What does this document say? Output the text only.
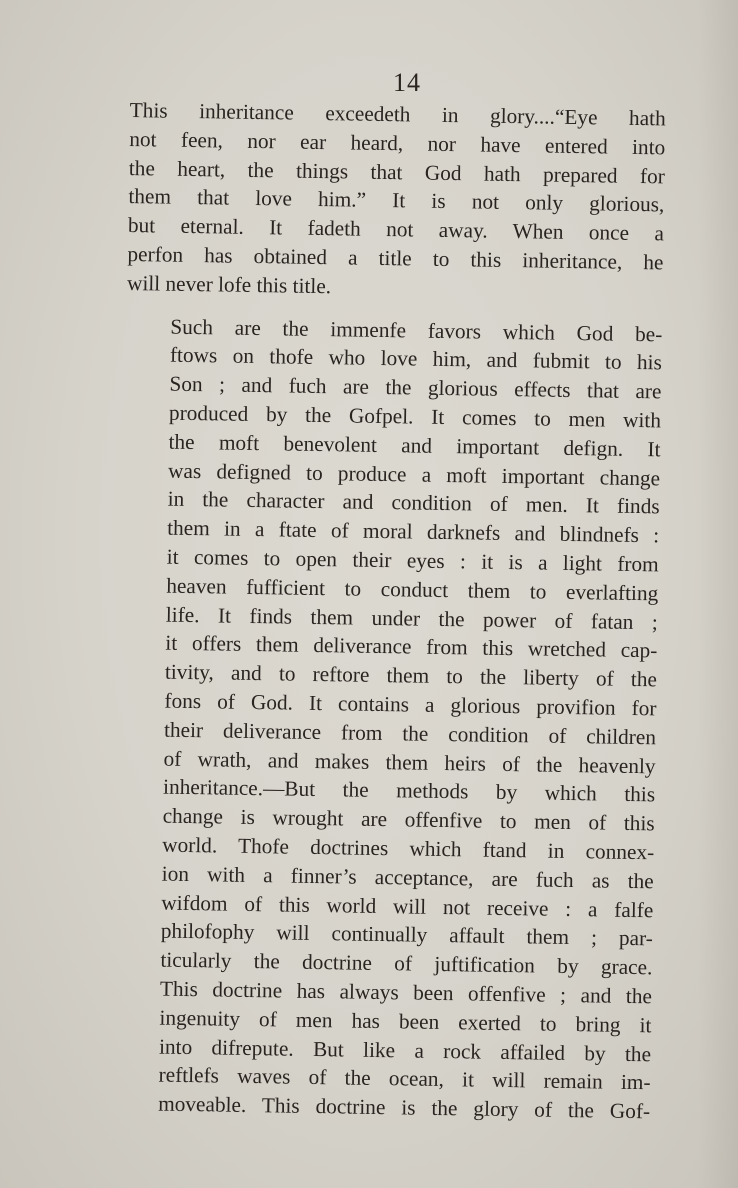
14

This inheritance exceedeth in glory....“Eye hath
not feen, nor ear heard, nor have entered into
the heart, the things that God hath prepared for
them that love him.” It is not only glorious,
but eternal. It fadeth not away. When once a
perfon has obtained a title to this inheritance, he
will never lofe this title.

Such are the immenfe favors which God be-
ftows on thofe who love him, and fubmit to his
Son ; and fuch are the glorious effects that are
produced by the Gofpel. It comes to men with
the moft benevolent and important defign. It
was defigned to produce a moft important change
in the character and condition of men. It finds
them in a ftate of moral darknefs and blindnefs :
it comes to open their eyes : it is a light from
heaven fufficient to conduct them to everlafting
life. It finds them under the power of fatan ;
it offers them deliverance from this wretched cap-
tivity, and to reftore them to the liberty of the
fons of God. It contains a glorious provifion for
their deliverance from the condition of children
of wrath, and makes them heirs of the heavenly
inheritance.—But the methods by which this
change is wrought are offenfive to men of this
world. Thofe doctrines which ftand in connex-
ion with a finner’s acceptance, are fuch as the
wifdom of this world will not receive : a falfe
philofophy will continually affault them ; par-
ticularly the doctrine of juftification by grace.
This doctrine has always been offenfive ; and the
ingenuity of men has been exerted to bring it
into difrepute. But like a rock affailed by the
reftlefs waves of the ocean, it will remain im-
moveable. This doctrine is the glory of the Gof-
